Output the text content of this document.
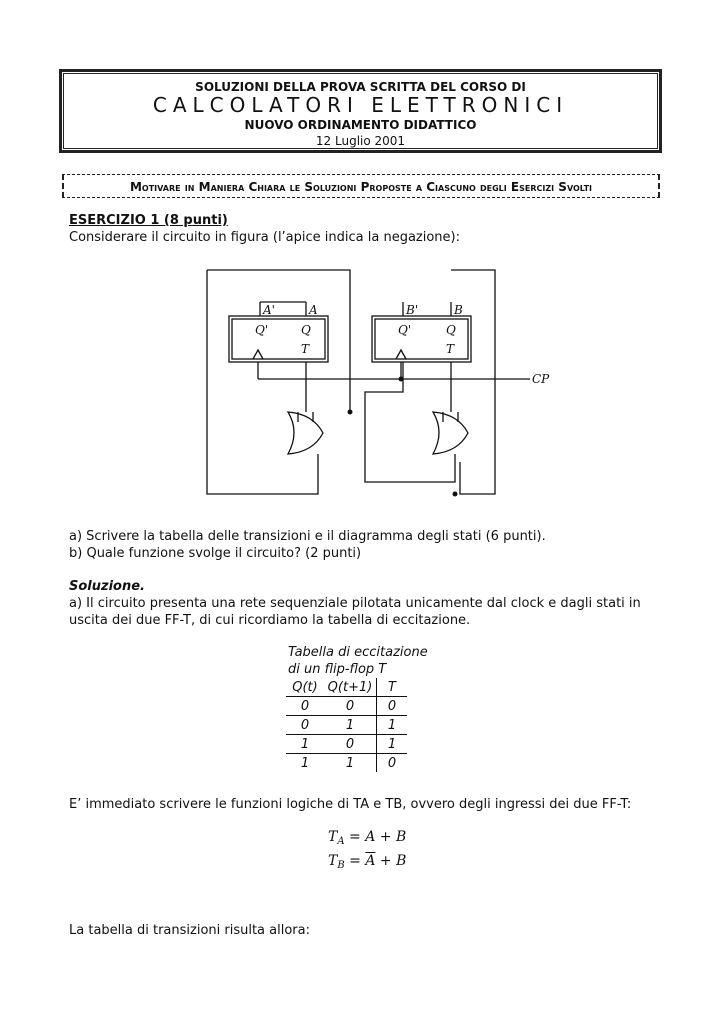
SOLUZIONI DELLA PROVA SCRITTA DEL CORSO DI
CALCOLATORI ELETTRONICI
NUOVO ORDINAMENTO DIDATTICO
12 Luglio 2001
Motivare in Maniera Chiara le Soluzioni Proposte a Ciascuno degli Esercizi Svolti
ESERCIZIO 1 (8 punti)
Considerare il circuito in figura (l’apice indica la negazione):
A'	A
Q'	Q
T
B'	B
Q'	Q
T
CP
a) Scrivere la tabella delle transizioni e il diagramma degli stati (6 punti).
b) Quale funzione svolge il circuito? (2 punti)
Soluzione.
a) Il circuito presenta una rete sequenziale pilotata unicamente dal clock e dagli stati in uscita dei due FF-T, di cui ricordiamo la tabella di eccitazione.
Tabella di eccitazione
di un flip-flop T
Q(t)	Q(t+1)	T
0	0	0
0	1	1
1	0	1
1	1	0
E’ immediato scrivere le funzioni logiche di TA e TB, ovvero degli ingressi dei due FF-T:
$T_A = A + B$
$T_B = \overline{A} + B$
La tabella di transizioni risulta allora:
